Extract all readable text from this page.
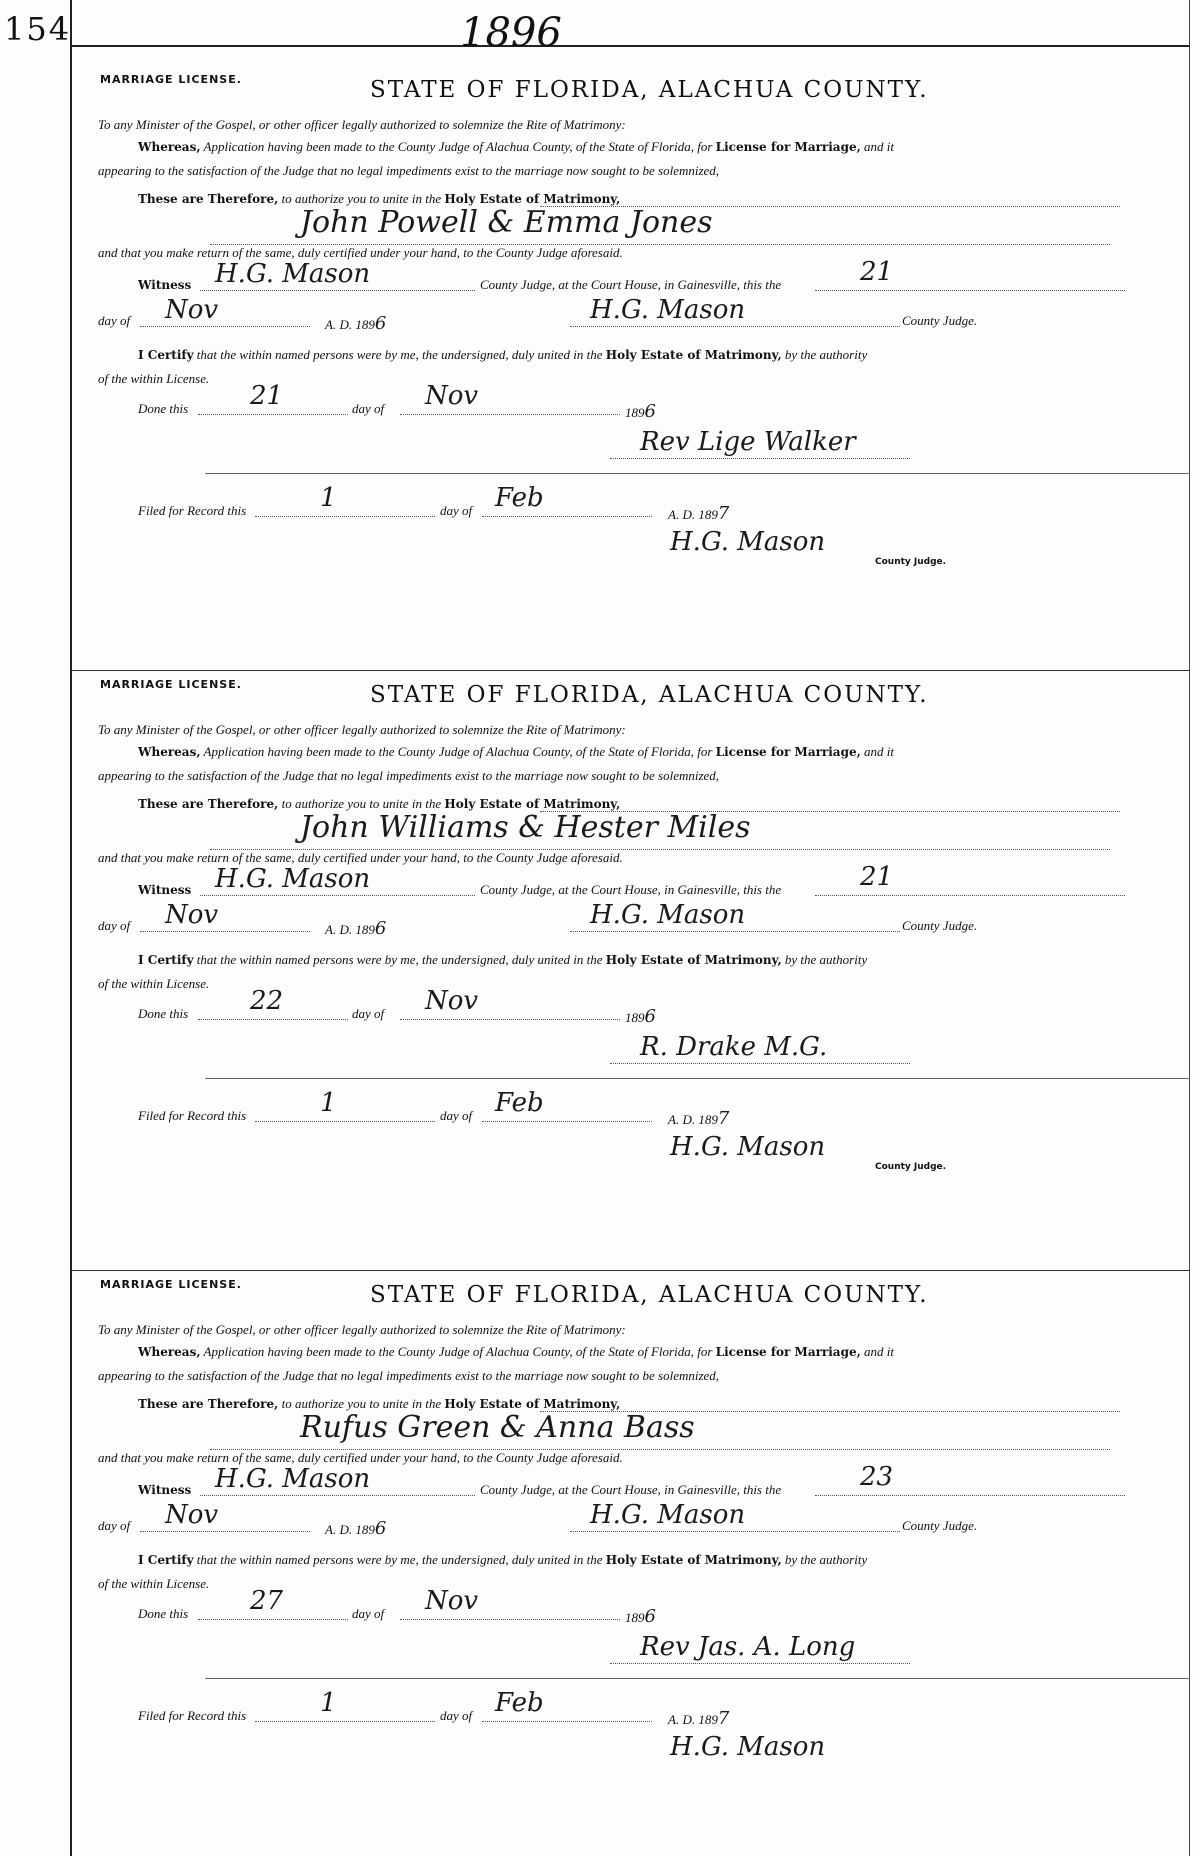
154	1896
MARRIAGE LICENSE.	STATE OF FLORIDA, ALACHUA COUNTY.
To any Minister of the Gospel, or other officer legally authorized to solemnize the Rite of Matrimony:
Whereas, Application having been made to the County Judge of Alachua County, of the State of Florida, for License for Marriage, and it
appearing to the satisfaction of the Judge that no legal impediments exist to the marriage now sought to be solemnized,
These are Therefore, to authorize you to unite in the Holy Estate of Matrimony,
John Powell & Emma Jones
and that you make return of the same, duly certified under your hand, to the County Judge aforesaid.
Witness H.G. Mason	County Judge, at the Court House, in Gainesville, this the	21
day of Nov	A. D. 1896	H.G. Mason	County Judge.
I Certify that the within named persons were by me, the undersigned, duly united in the Holy Estate of Matrimony, by the authority
of the within License.
Done this 21	day of Nov
1896
Rev Lige Walker
Filed for Record this	1	day of Feb
A. D. 1897
H.G. Mason
County Judge.
MARRIAGE LICENSE.	STATE OF FLORIDA, ALACHUA COUNTY.
To any Minister of the Gospel, or other officer legally authorized to solemnize the Rite of Matrimony:
Whereas, Application having been made to the County Judge of Alachua County, of the State of Florida, for License for Marriage, and it
appearing to the satisfaction of the Judge that no legal impediments exist to the marriage now sought to be solemnized,
These are Therefore, to authorize you to unite in the Holy Estate of Matrimony,
John Williams & Hester Miles
and that you make return of the same, duly certified under your hand, to the County Judge aforesaid.
Witness H.G. Mason	County Judge, at the Court House, in Gainesville, this the	21
day of Nov	A. D. 1896	H.G. Mason	County Judge.
I Certify that the within named persons were by me, the undersigned, duly united in the Holy Estate of Matrimony, by the authority
of the within License.
Done this 22	day of Nov
1896
R. Drake M.G.
Filed for Record this	1	day of Feb
A. D. 1897
H.G. Mason
County Judge.
MARRIAGE LICENSE.	STATE OF FLORIDA, ALACHUA COUNTY.
To any Minister of the Gospel, or other officer legally authorized to solemnize the Rite of Matrimony:
Whereas, Application having been made to the County Judge of Alachua County, of the State of Florida, for License for Marriage, and it
appearing to the satisfaction of the Judge that no legal impediments exist to the marriage now sought to be solemnized,
These are Therefore, to authorize you to unite in the Holy Estate of Matrimony,
Rufus Green & Anna Bass
and that you make return of the same, duly certified under your hand, to the County Judge aforesaid.
Witness H.G. Mason	County Judge, at the Court House, in Gainesville, this the	23
day of Nov	A. D. 1896	H.G. Mason	County Judge.
I Certify that the within named persons were by me, the undersigned, duly united in the Holy Estate of Matrimony, by the authority
of the within License.
Done this 27	day of Nov
1896
Rev Jas. A. Long
Filed for Record this	1	day of Feb
A. D. 1897
H.G. Mason
